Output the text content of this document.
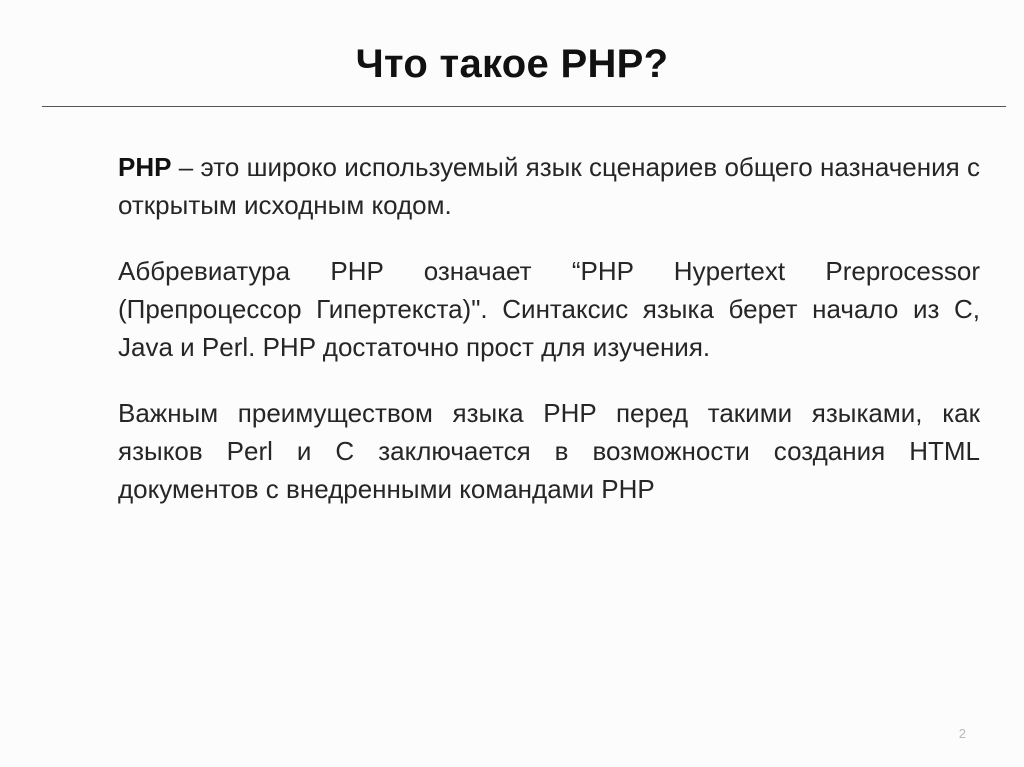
Что такое PHP?

PHP – это широко используемый язык сценариев общего назначения с открытым исходным кодом.

Аббревиатура PHP означает “PHP Hypertext Preprocessor (Препроцессор Гипертекста)". Синтаксис языка берет начало из C, Java и Perl. PHP достаточно прост для изучения.

Важным преимуществом языка PHP перед такими языками, как языков Perl и C заключается в возможности создания HTML документов с внедренными командами PHP

2
